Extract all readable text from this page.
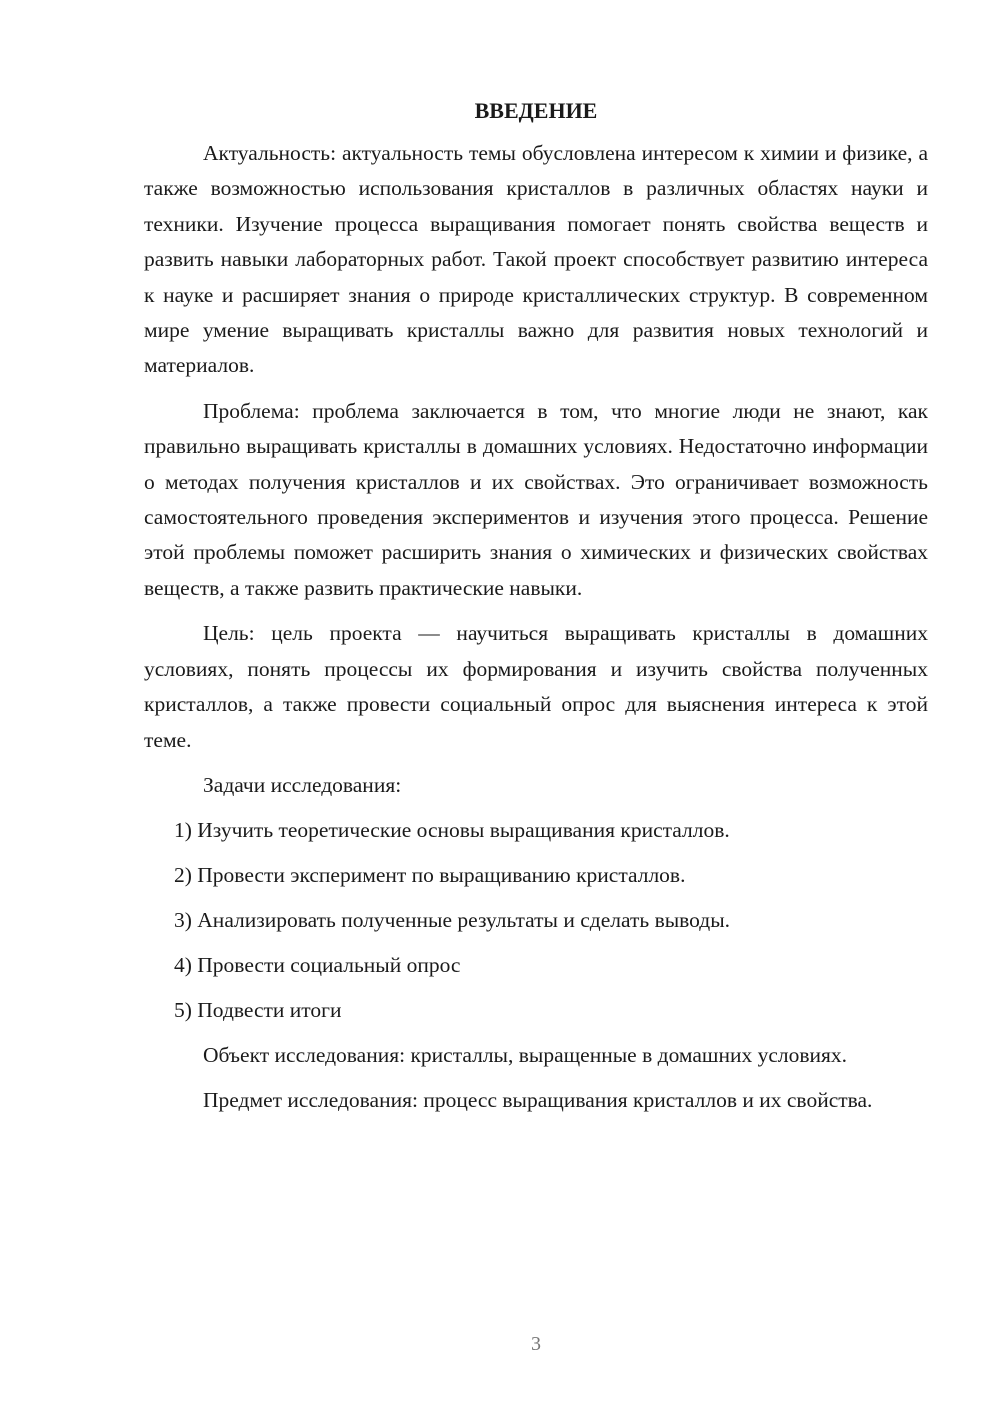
ВВЕДЕНИЕ

Актуальность: актуальность темы обусловлена интересом к химии и физике, а также возможностью использования кристаллов в различных областях науки и техники. Изучение процесса выращивания помогает понять свойства веществ и развить навыки лабораторных работ. Такой проект способствует развитию интереса к науке и расширяет знания о природе кристаллических структур. В современном мире умение выращивать кристаллы важно для развития новых технологий и материалов.

Проблема: проблема заключается в том, что многие люди не знают, как правильно выращивать кристаллы в домашних условиях. Недостаточно информации о методах получения кристаллов и их свойствах. Это ограничивает возможность самостоятельного проведения экспериментов и изучения этого процесса. Решение этой проблемы поможет расширить знания о химических и физических свойствах веществ, а также развить практические навыки.

Цель: цель проекта — научиться выращивать кристаллы в домашних условиях, понять процессы их формирования и изучить свойства полученных кристаллов, а также провести социальный опрос для выяснения интереса к этой теме.

Задачи исследования:
1) Изучить теоретические основы выращивания кристаллов.
2) Провести эксперимент по выращиванию кристаллов.
3) Анализировать полученные результаты и сделать выводы.
4) Провести социальный опрос
5) Подвести итоги

Объект исследования: кристаллы, выращенные в домашних условиях.

Предмет исследования: процесс выращивания кристаллов и их свойства.

3
